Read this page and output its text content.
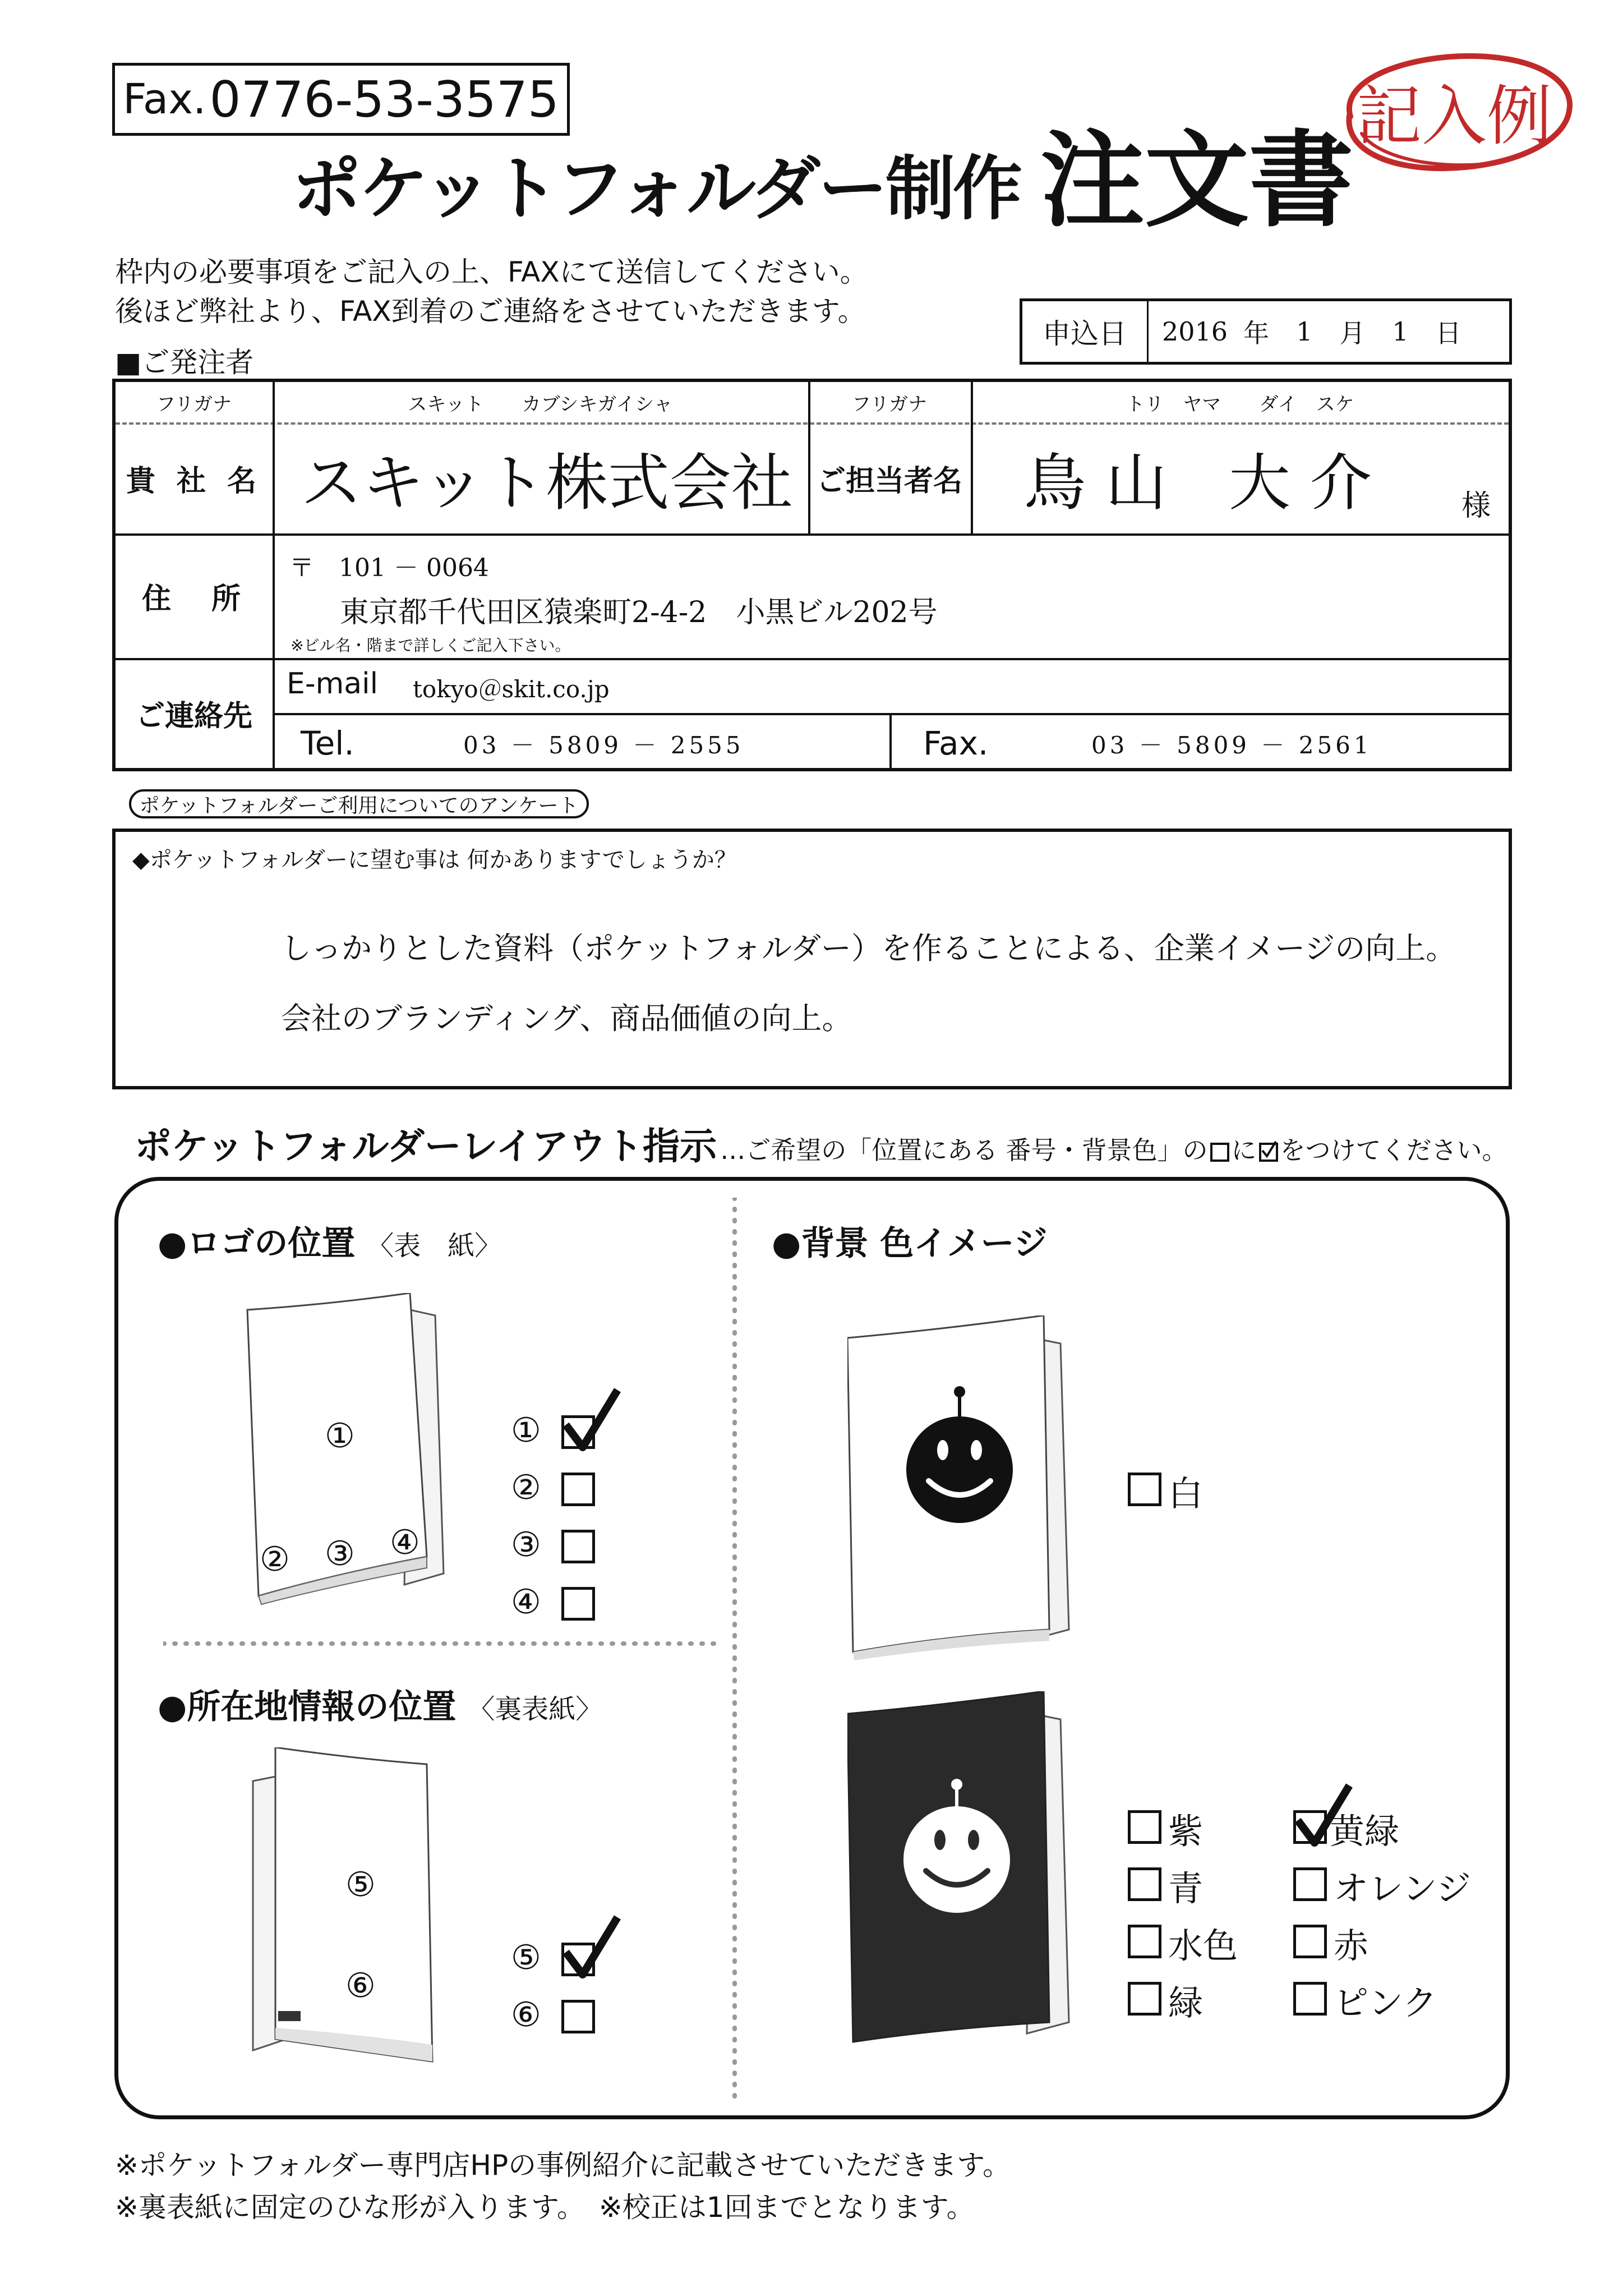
Fax. 0776-53-3575
ポケットフォルダー制作 注文書
記入例
枠内の必要事項をご記入の上、FAXにて送信してください。
後ほど弊社より、FAX到着のご連絡をさせていただきます。
申込日	2016 年 1 月 1 日
■ご発注者
フリガナ	スキット　　カブシキガイシャ	フリガナ	トリ　ヤマ　　ダイ　スケ
貴 社 名 スキット株式会社 ご担当者名 鳥 山　大 介	様
住　所
〒　101 － 0064
東京都千代田区猿楽町2-4-2　小黒ビル202号
※ビル名・階まで詳しくご記入下さい。
ご連絡先
E-mail tokyo＠skit.co.jp
Tel.	03 － 5809 － 2555	Fax.	03 － 5809 － 2561
ポケットフォルダーご利用についてのアンケート
◆ポケットフォルダーに望む事は 何かありますでしょうか？
しっかりとした資料（ポケットフォルダー）を作ることによる、企業イメージの向上。
会社のブランディング、商品価値の向上。
ポケットフォルダーレイアウト指示 …ご希望の「位置にある 番号・背景色」の に をつけてください。
●ロゴの位置 〈表　紙〉
①
② ③ ④
①
②
③
④
●所在地情報の位置 〈裏表紙〉
⑤
⑥
⑤
⑥
●背景 色イメージ
白
紫	黄緑
青	オレンジ
水色	赤
緑	ピンク
※ポケットフォルダー専門店HPの事例紹介に記載させていただきます。
※裏表紙に固定のひな形が入ります。　※校正は1回までとなります。
